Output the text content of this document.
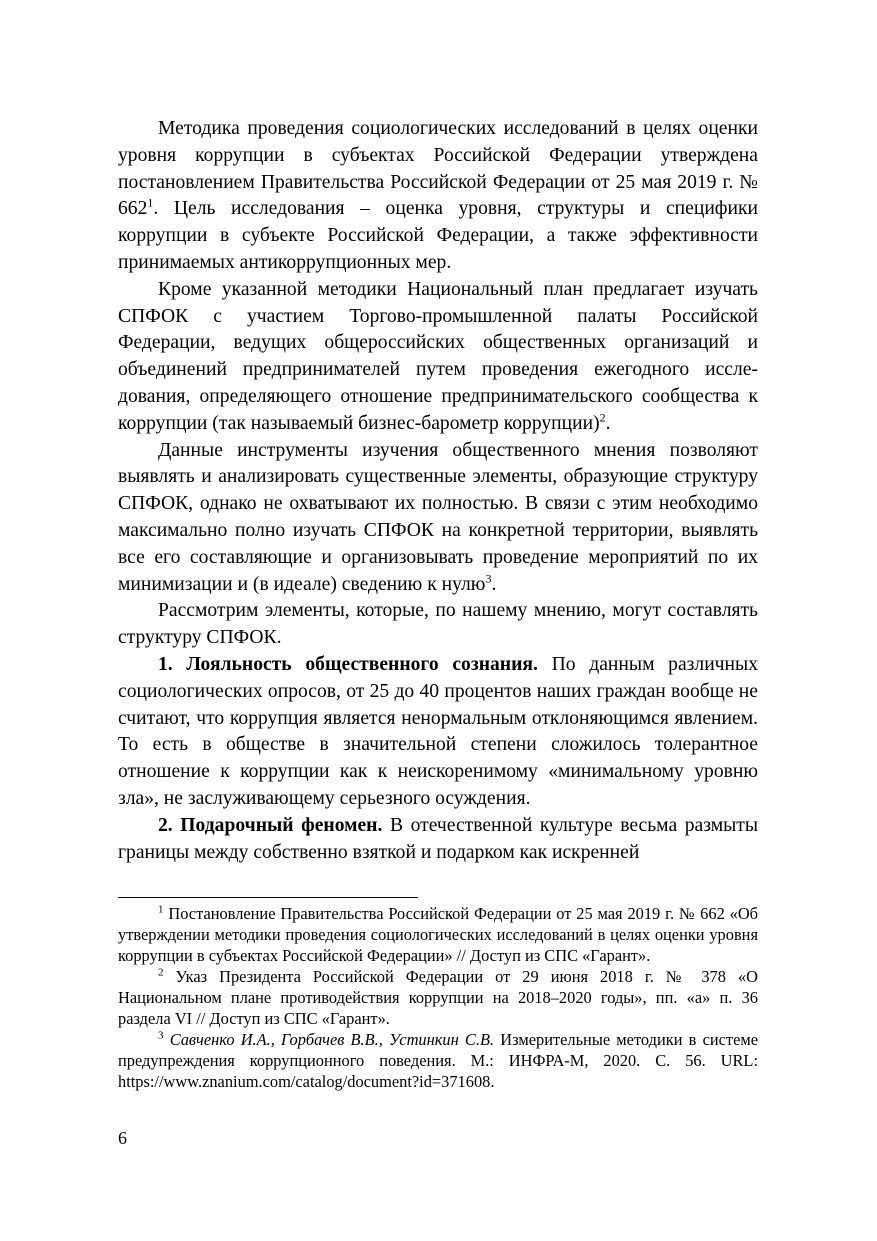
Методика проведения социологических исследований в целях оценки уровня коррупции в субъектах Российской Федерации утверждена постановлением Правительства Российской Федерации от 25 мая 2019 г. № $662^1$. Цель исследования – оценка уровня, структуры и специфики коррупции в субъекте Российской Федерации, а также эффективности принимаемых антикоррупционных мер.

Кроме указанной методики Национальный план предлагает изучать СПФОК с участием Торгово-промышленной палаты Российской Федерации, ведущих общероссийских общественных организаций и объединений предпринимателей путем проведения ежегодного исследования, определяющего отношение предпринимательского сообщества к коррупции (так называемый бизнес-барометр коррупции)$^2$.

Данные инструменты изучения общественного мнения позволяют выявлять и анализировать существенные элементы, образующие структуру СПФОК, однако не охватывают их полностью. В связи с этим необходимо максимально полно изучать СПФОК на конкретной территории, выявлять все его составляющие и организовывать проведение мероприятий по их минимизации и (в идеале) сведению к нулю$^3$.

Рассмотрим элементы, которые, по нашему мнению, могут составлять структуру СПФОК.

1. Лояльность общественного сознания. По данным различных социологических опросов, от 25 до 40 процентов наших граждан вообще не считают, что коррупция является ненормальным отклоняющимся явлением. То есть в обществе в значительной степени сложилось толерантное отношение к коррупции как к неискоренимому «минимальному уровню зла», не заслуживающему серьезного осуждения.

2. Подарочный феномен. В отечественной культуре весьма размыты границы между собственно взяткой и подарком как искренней

$^1$ Постановление Правительства Российской Федерации от 25 мая 2019 г. № 662 «Об утверждении методики проведения социологических исследований в целях оценки уровня коррупции в субъектах Российской Федерации» // Доступ из СПС «Гарант».

$^2$ Указ Президента Российской Федерации от 29 июня 2018 г. № 378 «О Национальном плане противодействия коррупции на 2018–2020 годы», пп. «а» п. 36 раздела VI // Доступ из СПС «Гарант».

$^3$ Савченко И.А., Горбачев В.В., Устинкин С.В. Измерительные методики в системе предупреждения коррупционного поведения. М.: ИНФРА-М, 2020. С. 56. URL: https://www.znanium.com/catalog/document?id=371608.

6
